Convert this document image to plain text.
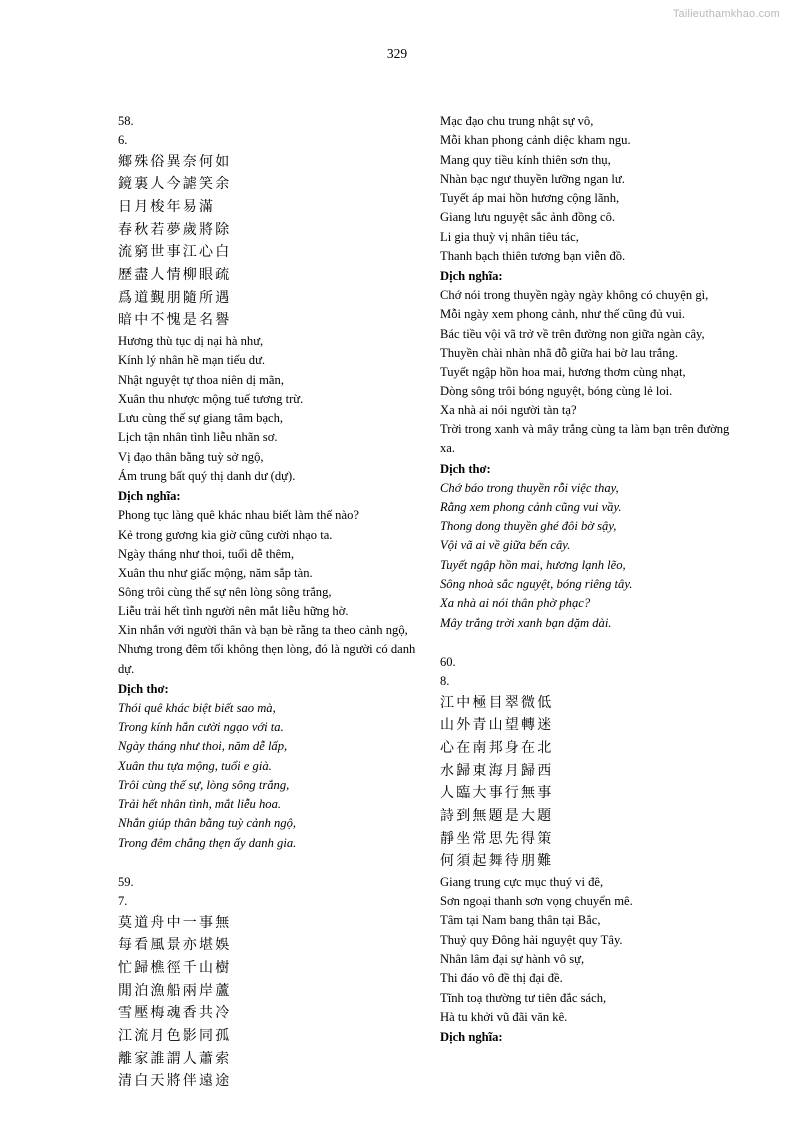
Tailieuthamkhao.com
329
58.
6.
鄉殊俗異奈何如
鏡裏人今謔笑余
日月梭年易滿
春秋若夢歲將除
流窮世事江心白
歷盡人情柳眼疏
爲道覲朋隨所遇
暗中不愧是名譽
Hương thù tục dị nại hà như,
Kính lý nhân hề mạn tiếu dư.
Nhật nguyệt tự thoa niên dị mãn,
Xuân thu nhược mộng tuế tương trừ.
Lưu cùng thế sự giang tâm bạch,
Lịch tận nhân tình liễu nhãn sơ.
Vị đạo thân bằng tuỳ sở ngộ,
Ám trung bất quý thị danh dư (dự).
Dịch nghĩa:
Phong tục làng quê khác nhau biết làm thế nào?
Kẻ trong gương kia giờ cũng cười nhạo ta.
Ngày tháng như thoi, tuổi dễ thêm,
Xuân thu như giấc mộng, năm sắp tàn.
Sông trôi cùng thế sự nên lòng sông trắng,
Liễu trải hết tình người nên mắt liễu hững hờ.
Xin nhắn với người thân và bạn bè rằng ta theo cảnh ngộ,
Nhưng trong đêm tối không thẹn lòng, đó là người có danh dự.
Dịch thơ:
Thói quê khác biệt biết sao mà,
Trong kính hắn cười ngạo với ta.
Ngày tháng như thoi, năm dễ lấp,
Xuân thu tựa mộng, tuổi e già.
Trôi cùng thế sự, lòng sông trắng,
Trải hết nhân tình, mắt liễu hoa.
Nhắn giúp thân bằng tuỳ cảnh ngộ,
Trong đêm chẳng thẹn ấy danh gia.
59.
7.
莫道舟中一事無
每看風景亦堪娛
忙歸樵徑千山樹
閒泊漁船兩岸蘆
雪壓梅魂香共冷
江流月色影同孤
離家誰謂人蕭索
清白天將伴遠途
Mạc đạo chu trung nhật sự vô,
Mỗi khan phong cảnh diệc kham ngu.
Mang quy tiều kính thiên sơn thụ,
Nhàn bạc ngư thuyền lưỡng ngan lư.
Tuyết áp mai hồn hương cộng lãnh,
Giang lưu nguyệt sắc ảnh đồng cô.
Li gia thuỳ vị nhân tiêu tác,
Thanh bạch thiên tương bạn viễn đồ.
Dịch nghĩa:
Chớ nói trong thuyền ngày ngày không có chuyện gì,
Mỗi ngày xem phong cảnh, như thế cũng đủ vui.
Bác tiều vội vã trở về trên đường non giữa ngàn cây,
Thuyền chài nhàn nhã đỗ giữa hai bờ lau trắng.
Tuyết ngập hồn hoa mai, hương thơm cùng nhạt,
Dòng sông trôi bóng nguyệt, bóng cùng lẻ loi.
Xa nhà ai nói người tàn tạ?
Trời trong xanh và mây trắng cùng ta làm bạn trên đường xa.
Dịch thơ:
Chớ báo trong thuyền rỗi việc thay,
Rằng xem phong cảnh cũng vui vầy.
Thong dong thuyền ghé đôi bờ sậy,
Vội vã ai về giữa bến cây.
Tuyết ngập hồn mai, hương lạnh lẽo,
Sông nhoà sắc nguyệt, bóng riêng tây.
Xa nhà ai nói thân phờ phạc?
Mây trắng trời xanh bạn dặm dài.
60.
8.
江中極目翠微低
山外青山望轉迷
心在南邦身在北
水歸東海月歸西
人臨大事行無事
詩到無題是大題
靜坐常思先得策
何須起舞待朋難
Giang trung cực mục thuý vi đê,
Sơn ngoại thanh sơn vọng chuyển mê.
Tâm tại Nam bang thân tại Bắc,
Thuỷ quy Đông hải nguyệt quy Tây.
Nhân lâm đại sự hành vô sự,
Thi đáo vô đề thị đại đề.
Tĩnh toạ thường tư tiên đắc sách,
Hà tu khởi vũ đãi văn kê.
Dịch nghĩa:
